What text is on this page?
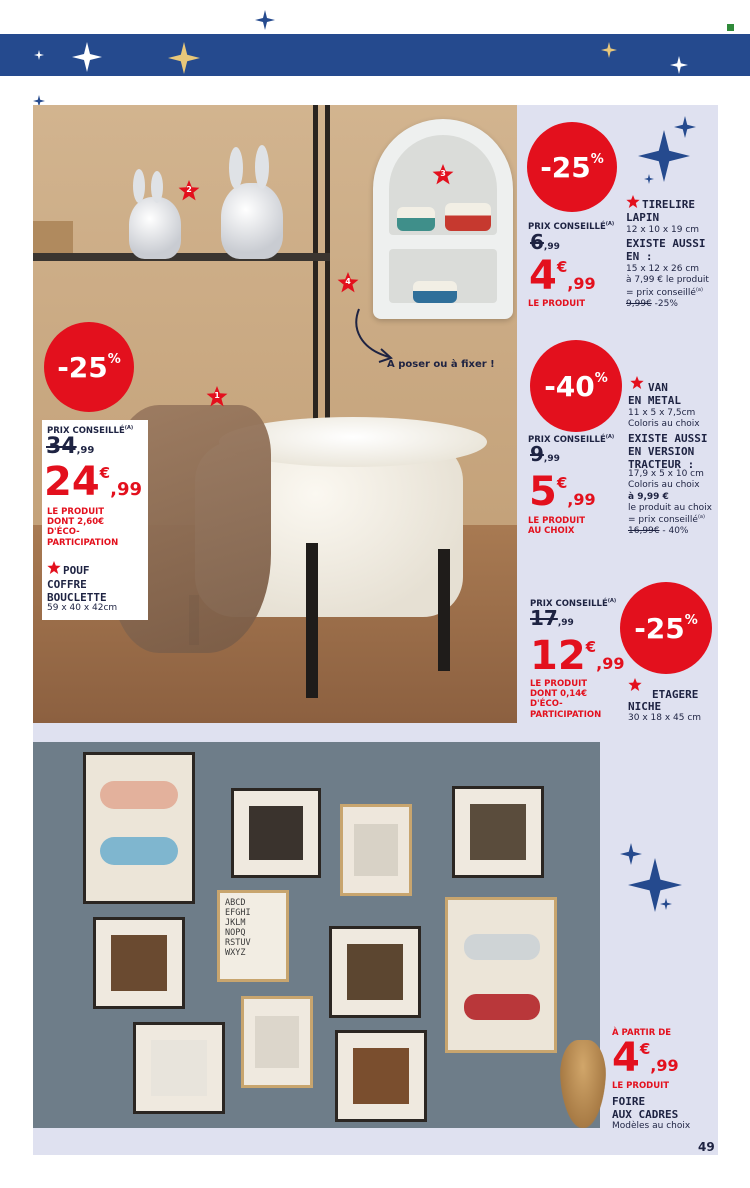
A poser ou à fixer !
2
3
4
1
-25 %
PRIX $CONSEILLÉ^{(A)}$
34,99
24€,99
LE PRODUIT
DONT 2,60€
D'ÉCO-
PARTICIPATION
POUF
COFFRE
BOUCLETTE
59 x 40 x 42cm
-25 %
PRIX $CONSEILLÉ^{(A)}$
6,99
4€,99
LE PRODUIT
TIRELIRE
LAPIN
12 x 10 x 19 cm
EXISTE AUSSI
EN :
15 x 12 x 26 cm
à 7,99 € le produit
= prix conseillé$^{(a)}$
9,99€ -25%
-40 %
PRIX $CONSEILLÉ^{(A)}$
9,99
5€,99
LE PRODUIT
AU CHOIX
VAN
EN METAL
11 x 5 x 7,5cm
Coloris au choix
EXISTE AUSSI
EN VERSION
TRACTEUR :
17,9 x 5 x 10 cm
Coloris au choix
à 9,99 €
le produit au choix
= prix conseillé$^{(a)}$
16,99€ - 40%
-25 %
PRIX $CONSEILLÉ^{(A)}$
17,99
12€,99
LE PRODUIT
DONT 0,14€
D'ÉCO-
PARTICIPATION
ETAGERE
NICHE
30 x 18 x 45 cm
ABCD
EFGHI
JKLM
NOPQ
RSTUV
WXYZ
À PARTIR DE
4€,99
LE PRODUIT
FOIRE
AUX CADRES
Modèles au choix
49
